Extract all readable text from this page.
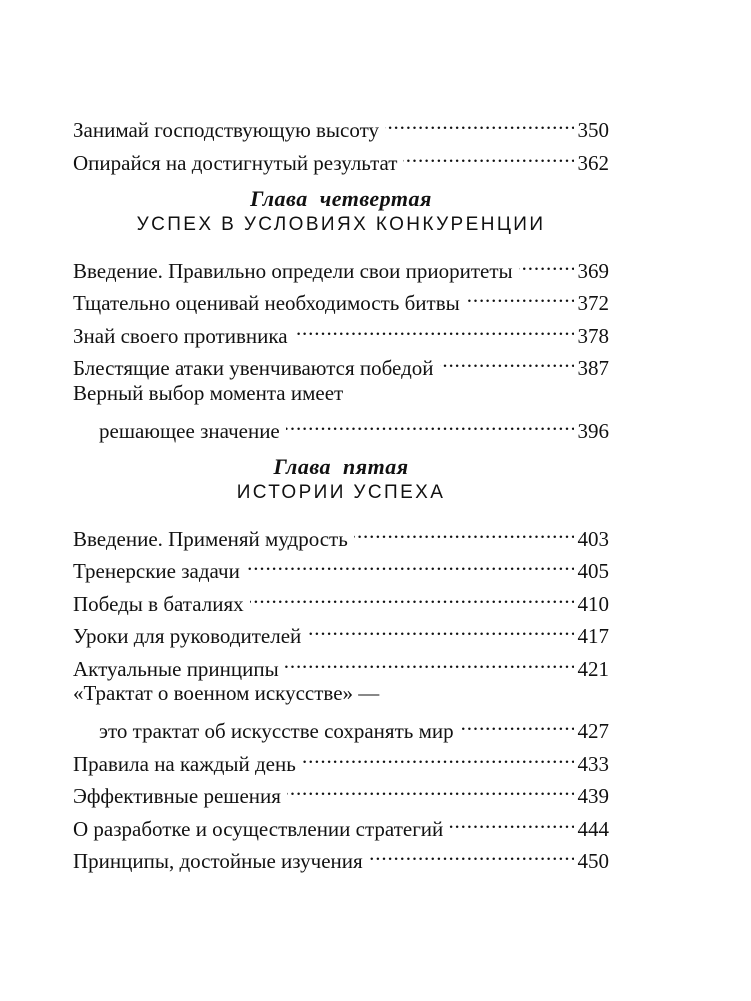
Занимай господствующую высоту . . .	350
Опирайся на достигнутый результат . . .	362
Глава четвертая
УСПЕХ В УСЛОВИЯХ КОНКУРЕНЦИИ
Введение. Правильно определи свои приоритеты . . .	369
Тщательно оценивай необходимость битвы . . .	372
Знай своего противника . . .	378
Блестящие атаки увенчиваются победой . . .	387
Верный выбор момента имеет
решающее значение . . .	396
Глава пятая
ИСТОРИИ УСПЕХА
Введение. Применяй мудрость . . .	403
Тренерские задачи . . .	405
Победы в баталиях . . .	410
Уроки для руководителей . . .	417
Актуальные принципы . . .	421
«Трактат о военном искусстве» —
это трактат об искусстве сохранять мир . . .	427
Правила на каждый день . . .	433
Эффективные решения . . .	439
О разработке и осуществлении стратегий . . .	444
Принципы, достойные изучения . . .	450
